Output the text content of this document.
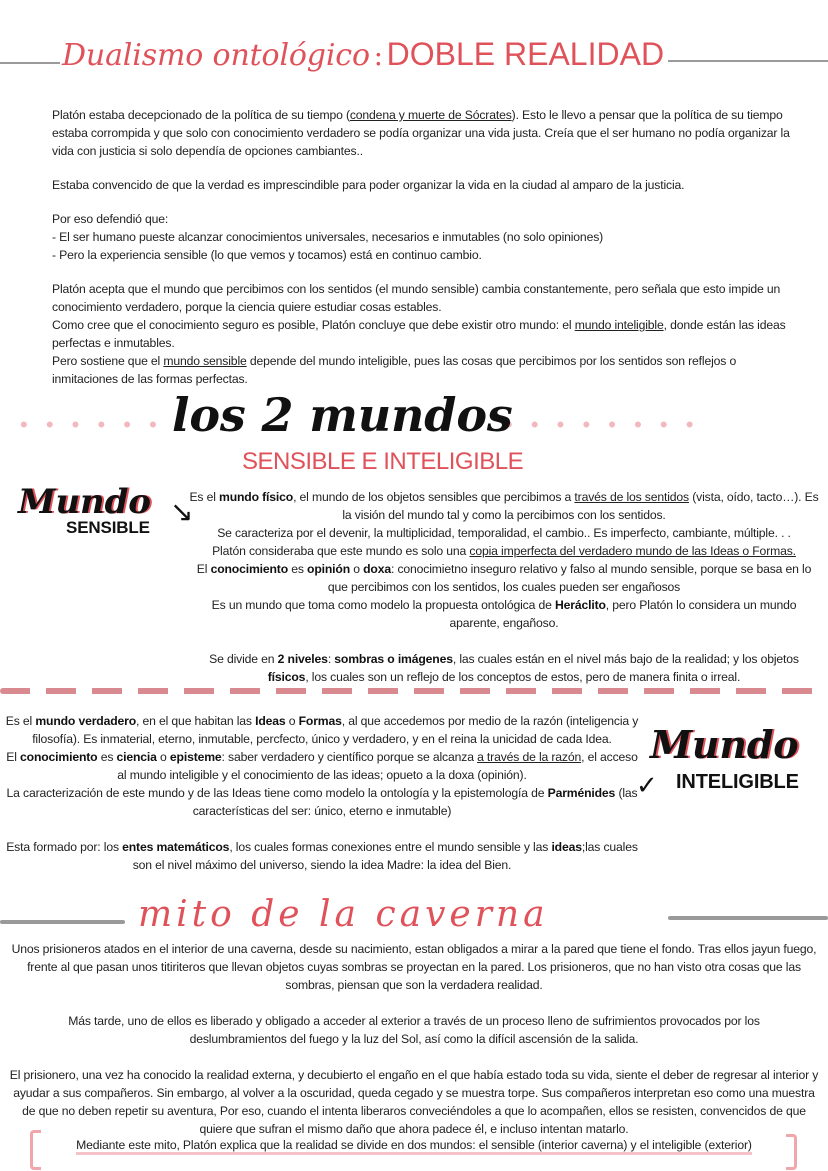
Dualismo ontológico : DOBLE REALIDAD

Platón estaba decepcionado de la política de su tiempo (condena y muerte de Sócrates). Esto le llevo a pensar que la política de su tiempo estaba corrompida y que solo con conocimiento verdadero se podía organizar una vida justa. Creía que el ser humano no podía organizar la vida con justicia si solo dependía de opciones cambiantes..

Estaba convencido de que la verdad es imprescindible para poder organizar la vida en la ciudad al amparo de la justicia.

Por eso defendió que:

- El ser humano pueste alcanzar conocimientos universales, necesarios e inmutables (no solo opiniones)

- Pero la experiencia sensible (lo que vemos y tocamos) está en continuo cambio.

Platón acepta que el mundo que percibimos con los sentidos (el mundo sensible) cambia constantemente, pero señala que esto impide un conocimiento verdadero, porque la ciencia quiere estudiar cosas estables.

Como cree que el conocimiento seguro es posible, Platón concluye que debe existir otro mundo: el mundo inteligible, donde están las ideas perfectas e inmutables.

Pero sostiene que el mundo sensible depende del mundo inteligible, pues las cosas que percibimos por los sentidos son reflejos o inmitaciones de las formas perfectas.

• • • • • • •	• • • • • • • •
los 2 mundos
SENSIBLE E INTELIGIBLE
Mundo
SENSIBLE
↘

Es el mundo físico, el mundo de los objetos sensibles que percibimos a través de los sentidos (vista, oído, tacto…). Es la visión del mundo tal y como la percibimos con los sentidos.

Se caracteriza por el devenir, la multiplicidad, temporalidad, el cambio.. Es imperfecto, cambiante, múltiple. . .

Platón consideraba que este mundo es solo una copia imperfecta del verdadero mundo de las Ideas o Formas.

El conocimiento es opinión o doxa: conocimietno inseguro relativo y falso al mundo sensible, porque se basa en lo que percibimos con los sentidos, los cuales pueden ser engañosos

Es un mundo que toma como modelo la propuesta ontológica de Heráclito, pero Platón lo considera un mundo aparente, engañoso.

Se divide en 2 niveles: sombras o imágenes, las cuales están en el nivel más bajo de la realidad; y los objetos físicos, los cuales son un reflejo de los conceptos de estos, pero de manera finita o irreal.

Es el mundo verdadero, en el que habitan las Ideas o Formas, al que accedemos por medio de la razón (inteligencia y filosofía). Es inmaterial, eterno, inmutable, percfecto, único y verdadero, y en el reina la unicidad de cada Idea.

El conocimiento es ciencia o episteme: saber verdadero y científico porque se alcanza a través de la razón, el acceso al mundo inteligible y el conocimiento de las ideas; opueto a la doxa (opinión).

La caracterización de este mundo y de las Ideas tiene como modelo la ontología y la epistemología de Parménides (las características del ser: único, eterno e inmutable)

Esta formado por: los entes matemáticos, los cuales formas conexiones entre el mundo sensible y las ideas;las cuales son el nivel máximo del universo, siendo la idea Madre: la idea del Bien.

✓
Mundo
INTELIGIBLE
mito de la caverna

Unos prisioneros atados en el interior de una caverna, desde su nacimiento, estan obligados a mirar a la pared que tiene el fondo. Tras ellos jayun fuego, frente al que pasan unos titiriteros que llevan objetos cuyas sombras se proyectan en la pared. Los prisioneros, que no han visto otra cosas que las sombras, piensan que son la verdadera realidad.

Más tarde, uno de ellos es liberado y obligado a acceder al exterior a través de un proceso lleno de sufrimientos provocados por los deslumbramientos del fuego y la luz del Sol, así como la difícil ascensión de la salida.

El prisionero, una vez ha conocido la realidad externa, y decubierto el engaño en el que había estado toda su vida, siente el deber de regresar al interior y ayudar a sus compañeros. Sin embargo, al volver a la oscuridad, queda cegado y se muestra torpe. Sus compañeros interpretan eso como una muestra de que no deben repetir su aventura, Por eso, cuando el intenta liberaros conveciéndoles a que lo acompañen, ellos se resisten, convencidos de que quiere que sufran el mismo daño que ahora padece él, e incluso intentan matarlo.

Mediante este mito, Platón explica que la realidad se divide en dos mundos: el sensible (interior caverna) y el inteligible (exterior)
